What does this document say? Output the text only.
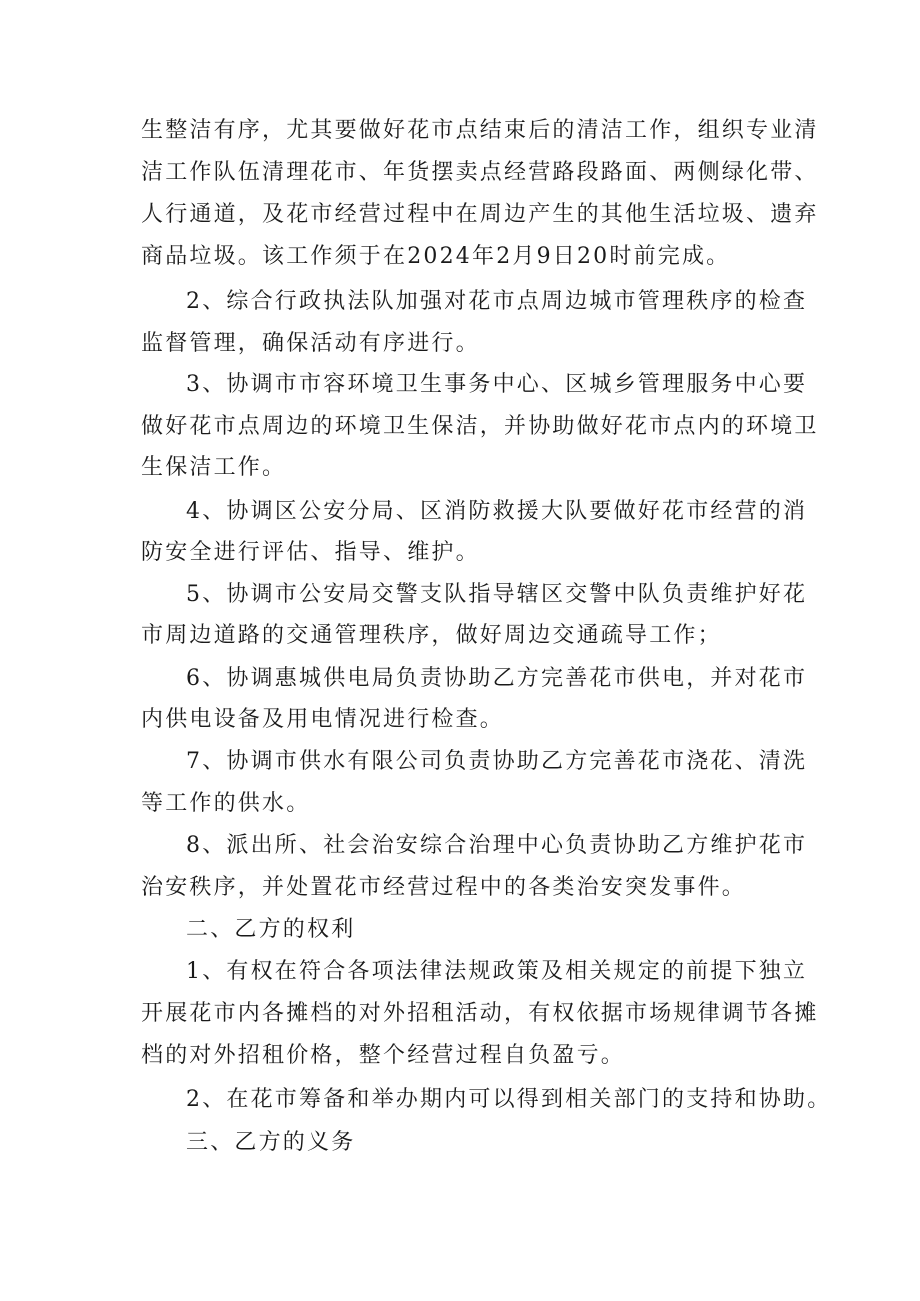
生整洁有序，尤其要做好花市点结束后的清洁工作，组织专业清
洁工作队伍清理花市、年货摆卖点经营路段路面、两侧绿化带、
人行通道，及花市经营过程中在周边产生的其他生活垃圾、遗弃
商品垃圾。该工作须于在2024年2月9日20时前完成。
2、综合行政执法队加强对花市点周边城市管理秩序的检查
监督管理，确保活动有序进行。
3、协调市市容环境卫生事务中心、区城乡管理服务中心要
做好花市点周边的环境卫生保洁，并协助做好花市点内的环境卫
生保洁工作。
4、协调区公安分局、区消防救援大队要做好花市经营的消
防安全进行评估、指导、维护。
5、协调市公安局交警支队指导辖区交警中队负责维护好花
市周边道路的交通管理秩序，做好周边交通疏导工作；
6、协调惠城供电局负责协助乙方完善花市供电，并对花市
内供电设备及用电情况进行检查。
7、协调市供水有限公司负责协助乙方完善花市浇花、清洗
等工作的供水。
8、派出所、社会治安综合治理中心负责协助乙方维护花市
治安秩序，并处置花市经营过程中的各类治安突发事件。
二、乙方的权利
1、有权在符合各项法律法规政策及相关规定的前提下独立
开展花市内各摊档的对外招租活动，有权依据市场规律调节各摊
档的对外招租价格，整个经营过程自负盈亏。
2、在花市筹备和举办期内可以得到相关部门的支持和协助。
三、乙方的义务
